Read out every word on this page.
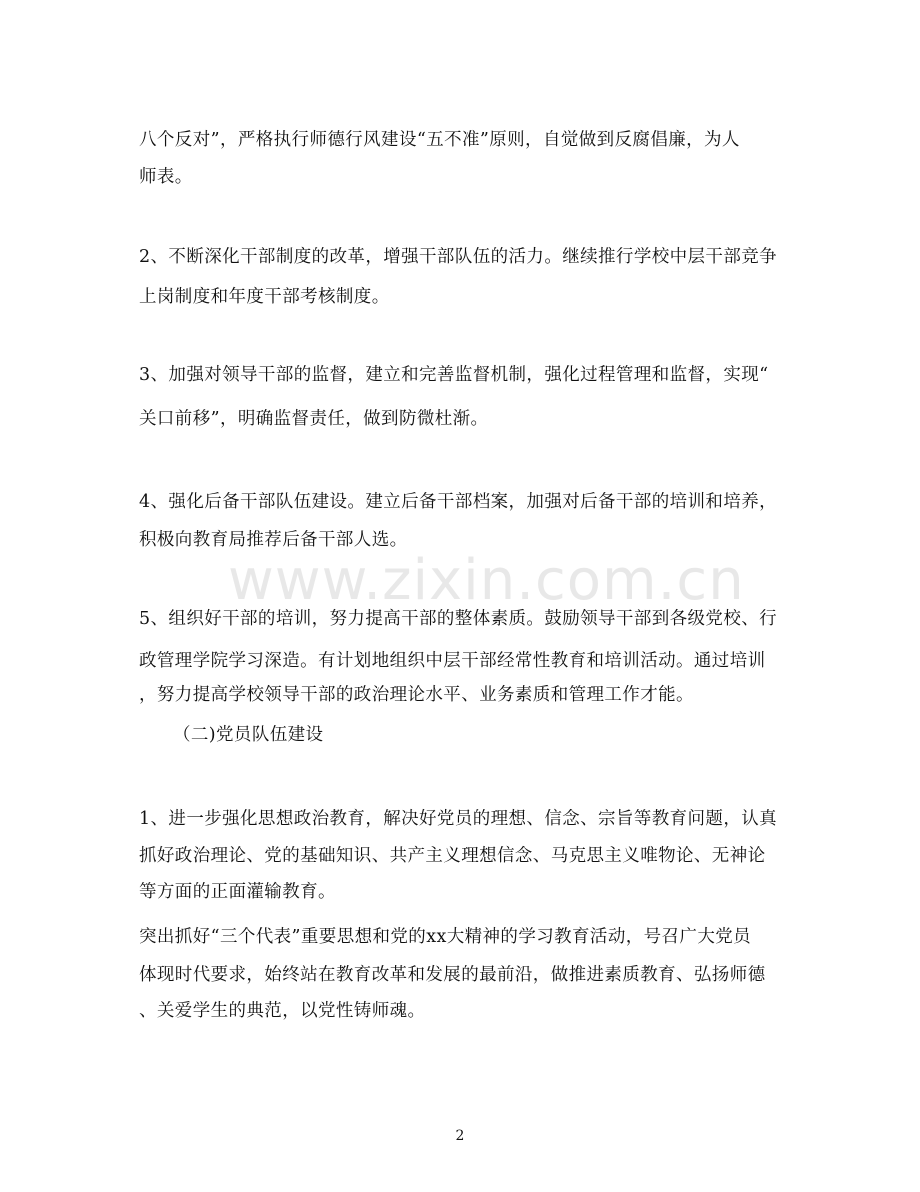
www.zixin.com.cn
八个反对”，严格执行师德行风建设“五不准”原则，自觉做到反腐倡廉，为人
师表。
2、不断深化干部制度的改革，增强干部队伍的活力。继续推行学校中层干部竞争
上岗制度和年度干部考核制度。
3、加强对领导干部的监督，建立和完善监督机制，强化过程管理和监督，实现“
关口前移”，明确监督责任，做到防微杜渐。
4、强化后备干部队伍建设。建立后备干部档案，加强对后备干部的培训和培养，
积极向教育局推荐后备干部人选。
5、组织好干部的培训，努力提高干部的整体素质。鼓励领导干部到各级党校、行
政管理学院学习深造。有计划地组织中层干部经常性教育和培训活动。通过培训
，努力提高学校领导干部的政治理论水平、业务素质和管理工作才能。
（二)党员队伍建设
1、进一步强化思想政治教育，解决好党员的理想、信念、宗旨等教育问题，认真
抓好政治理论、党的基础知识、共产主义理想信念、马克思主义唯物论、无神论
等方面的正面灌输教育。
突出抓好“三个代表”重要思想和党的xx大精神的学习教育活动，号召广大党员
体现时代要求，始终站在教育改革和发展的最前沿，做推进素质教育、弘扬师德
、关爱学生的典范，以党性铸师魂。
2
